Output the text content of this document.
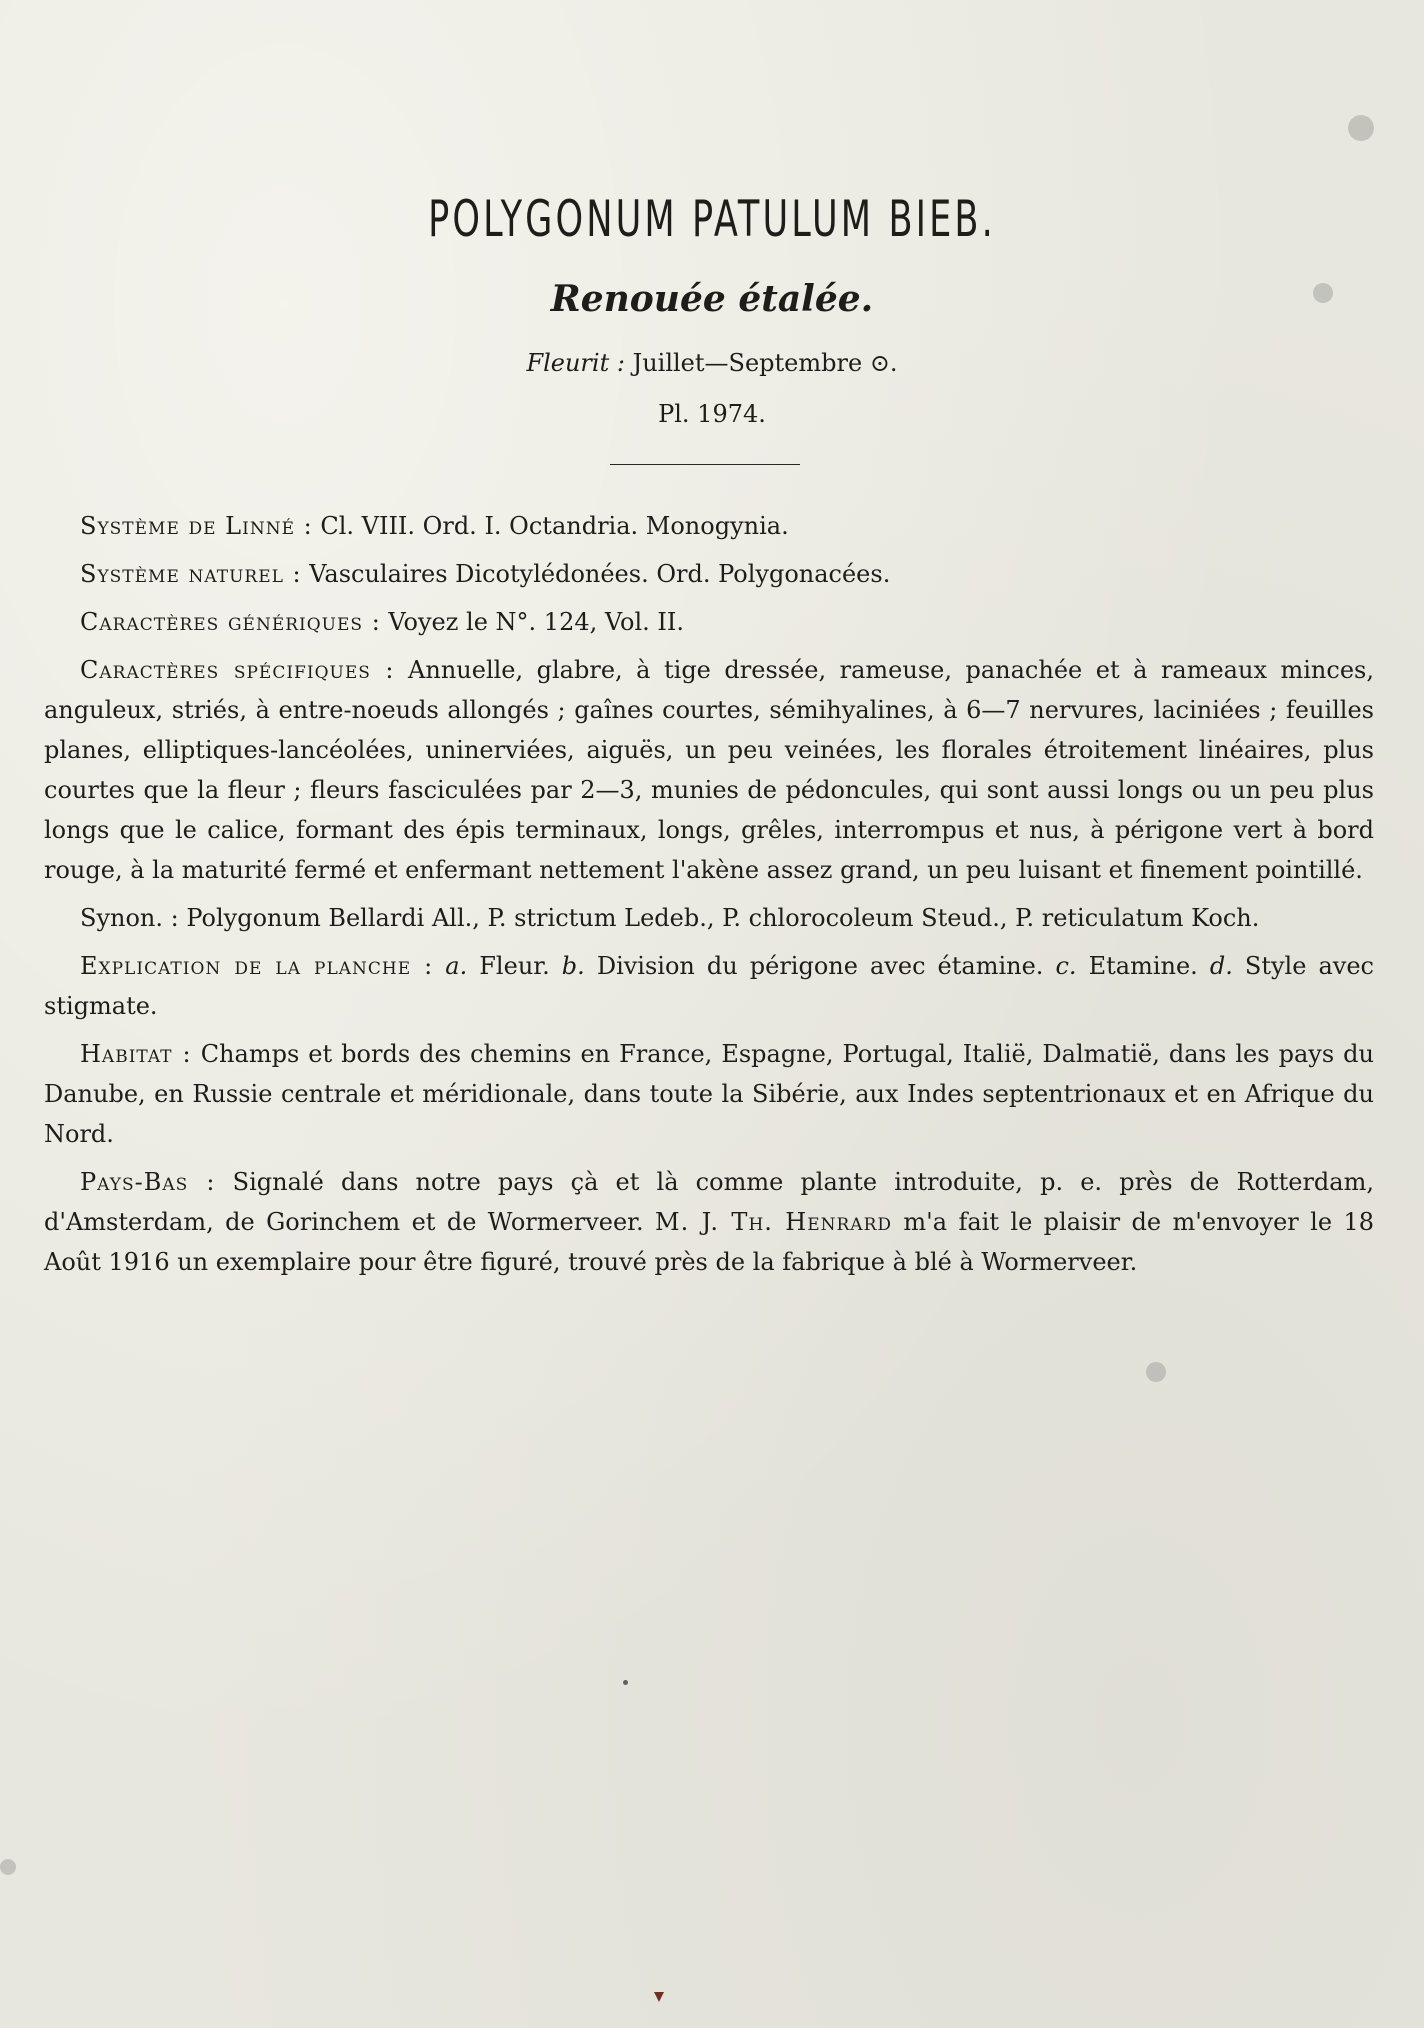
POLYGONUM PATULUM BIEB.
Renouée étalée.
Fleurit : Juillet—Septembre ⊙.
Pl. 1974.

Système de Linné : Cl. VIII. Ord. I. Octandria. Monogynia.

Système naturel : Vasculaires Dicotylédonées. Ord. Polygonacées.

Caractères génériques : Voyez le N°. 124, Vol. II.

Caractères spécifiques : Annuelle, glabre, à tige dressée, rameuse, panachée et à rameaux minces, anguleux, striés, à entre-noeuds allongés ; gaînes courtes, sémihyalines, à 6—7 nervures, laciniées ; feuilles planes, elliptiques-lancéolées, uninerviées, aiguës, un peu veinées, les florales étroitement linéaires, plus courtes que la fleur ; fleurs fasciculées par 2—3, munies de pédoncules, qui sont aussi longs ou un peu plus longs que le calice, formant des épis terminaux, longs, grêles, interrompus et nus, à périgone vert à bord rouge, à la maturité fermé et enfermant nettement l'akène assez grand, un peu luisant et finement pointillé.

Synon. : Polygonum Bellardi All., P. strictum Ledeb., P. chlorocoleum Steud., P. reticulatum Koch.

Explication de la planche : a. Fleur. b. Division du périgone avec étamine. c. Etamine. d. Style avec stigmate.

Habitat : Champs et bords des chemins en France, Espagne, Portugal, Italië, Dalmatië, dans les pays du Danube, en Russie centrale et méridionale, dans toute la Sibérie, aux Indes septentrionaux et en Afrique du Nord.

Pays-Bas : Signalé dans notre pays çà et là comme plante introduite, p. e. près de Rotterdam, d'Amsterdam, de Gorinchem et de Wormerveer. M. J. Th. Henrard m'a fait le plaisir de m'envoyer le 18 Août 1916 un exemplaire pour être figuré, trouvé près de la fabrique à blé à Wormerveer.
